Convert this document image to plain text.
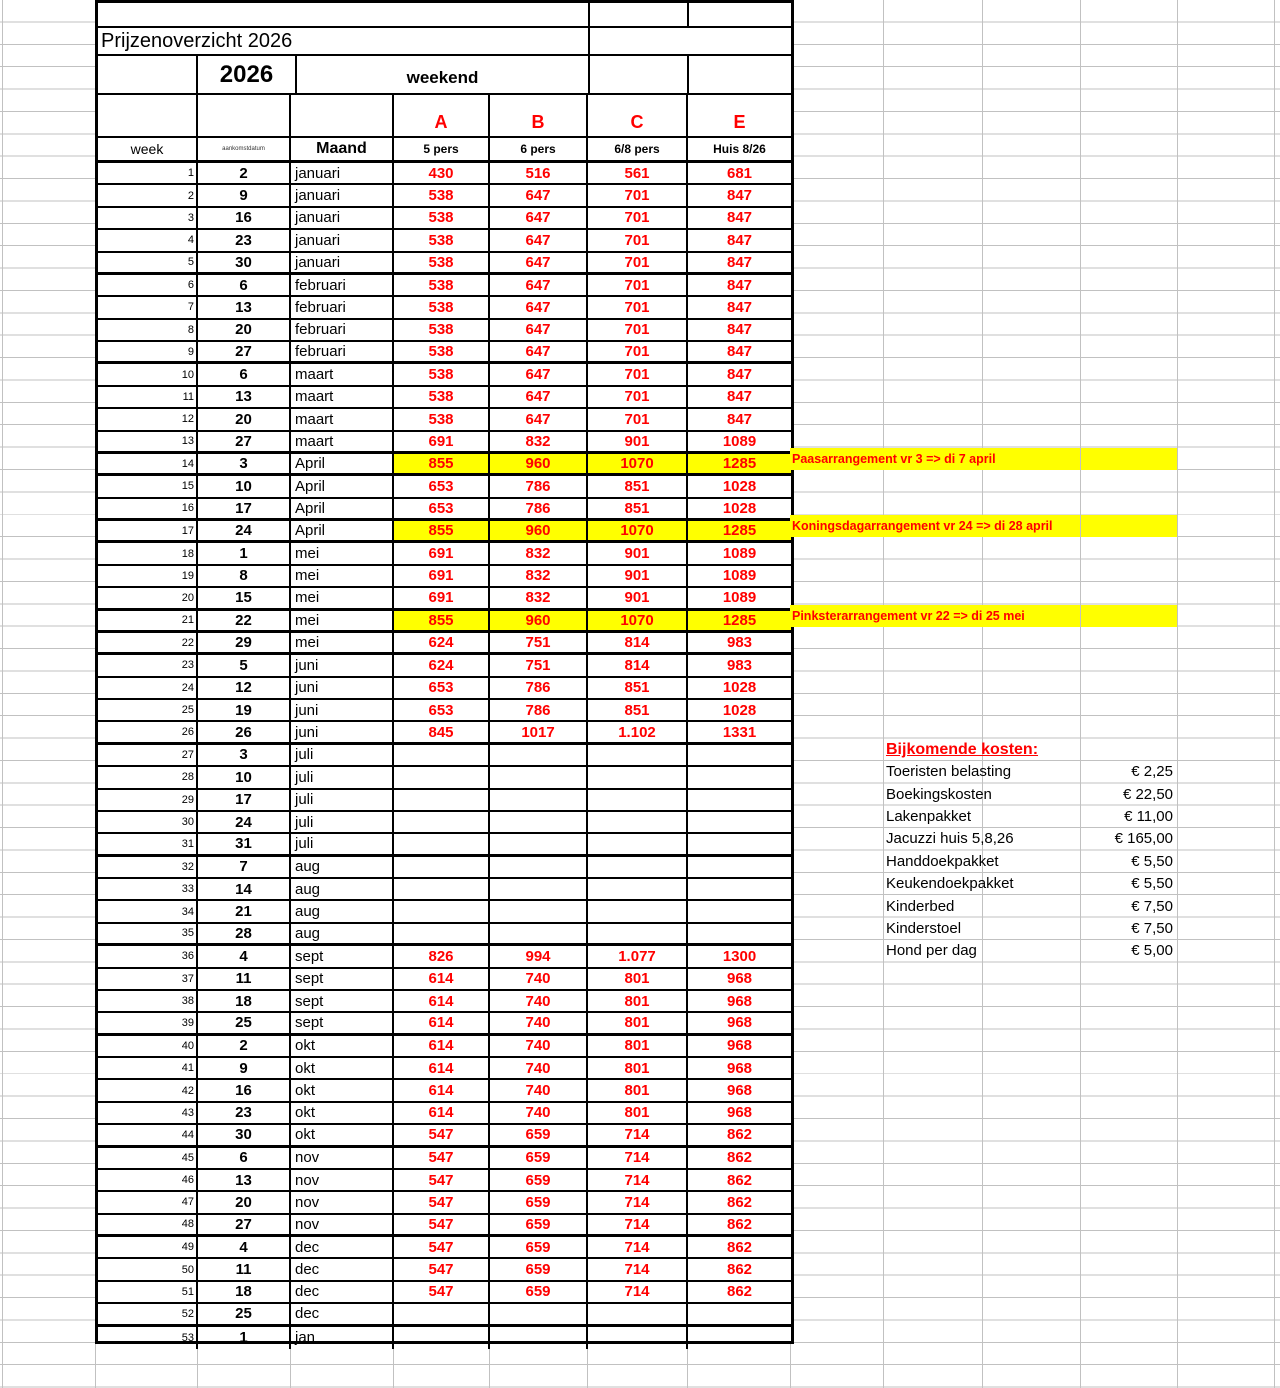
Prijzenoverzicht 2026
2026	weekend
A	B	C	E
week	aankomstdatum	Maand	5 pers	6 pers	6/8 pers	Huis 8/26
1	2	januari	430	516	561	681
2	9	januari	538	647	701	847
3	16	januari	538	647	701	847
4	23	januari	538	647	701	847
5	30	januari	538	647	701	847
6	6	februari	538	647	701	847
7	13	februari	538	647	701	847
8	20	februari	538	647	701	847
9	27	februari	538	647	701	847
10	6	maart	538	647	701	847
11	13	maart	538	647	701	847
12	20	maart	538	647	701	847
13	27	maart	691	832	901	1089
14	3	April	855	960	1070	1285
15	10	April	653	786	851	1028
16	17	April	653	786	851	1028
17	24	April	855	960	1070	1285
18	1	mei	691	832	901	1089
19	8	mei	691	832	901	1089
20	15	mei	691	832	901	1089
21	22	mei	855	960	1070	1285
22	29	mei	624	751	814	983
23	5	juni	624	751	814	983
24	12	juni	653	786	851	1028
25	19	juni	653	786	851	1028
26	26	juni	845	1017	1.102	1331
27	3	juli
28	10	juli
29	17	juli
30	24	juli
31	31	juli
32	7	aug
33	14	aug
34	21	aug
35	28	aug
36	4	sept	826	994	1.077	1300
37	11	sept	614	740	801	968
38	18	sept	614	740	801	968
39	25	sept	614	740	801	968
40	2	okt	614	740	801	968
41	9	okt	614	740	801	968
42	16	okt	614	740	801	968
43	23	okt	614	740	801	968
44	30	okt	547	659	714	862
45	6	nov	547	659	714	862
46	13	nov	547	659	714	862
47	20	nov	547	659	714	862
48	27	nov	547	659	714	862
49	4	dec	547	659	714	862
50	11	dec	547	659	714	862
51	18	dec	547	659	714	862
52	25	dec
53	1	jan
Bijkomende kosten:
Toeristen belasting	€ 2,25
Boekingskosten	€ 22,50
Lakenpakket	€ 11,00
Jacuzzi huis 5,8,26	€ 165,00
Handdoekpakket	€ 5,50
Keukendoekpakket	€ 5,50
Kinderbed	€ 7,50
Kinderstoel	€ 7,50
Hond per dag	€ 5,00
Paasarrangement vr 3 => di 7 april
Koningsdagarrangement vr 24 => di 28 april
Pinksterarrangement vr 22 => di 25 mei
